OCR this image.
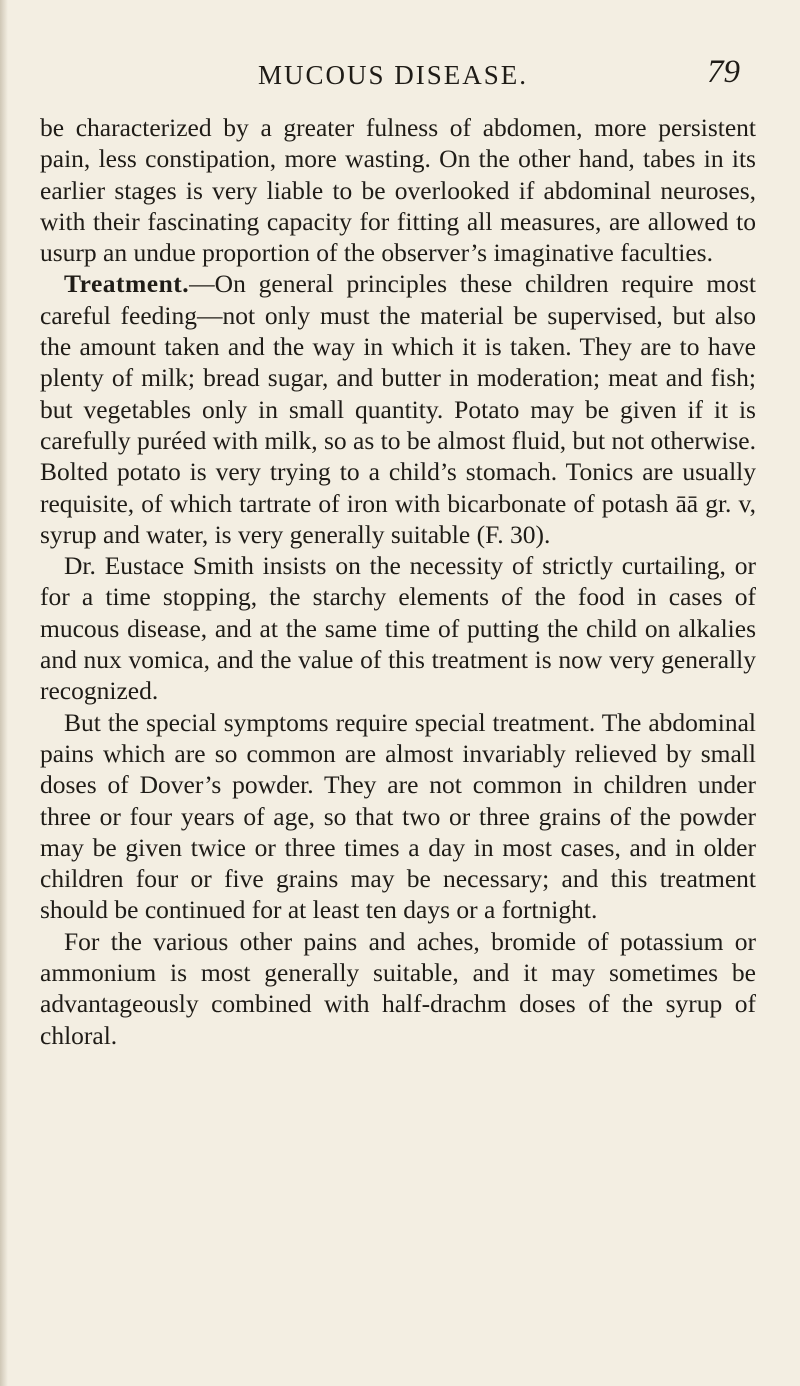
MUCOUS DISEASE.	79

be characterized by a greater fulness of abdomen, more persistent pain, less constipation, more wasting. On the other hand, tabes in its earlier stages is very liable to be overlooked if abdominal neuroses, with their fascinating capacity for fitting all measures, are allowed to usurp an undue proportion of the observer’s imaginative faculties.

Treatment.—On general principles these children require most careful feeding—not only must the material be supervised, but also the amount taken and the way in which it is taken. They are to have plenty of milk; bread sugar, and butter in moderation; meat and fish; but vegetables only in small quantity. Potato may be given if it is carefully puréed with milk, so as to be almost fluid, but not otherwise. Bolted potato is very trying to a child’s stomach. Tonics are usually requisite, of which tartrate of iron with bicarbonate of potash āā gr. v, syrup and water, is very generally suitable (F. 30).

Dr. Eustace Smith insists on the necessity of strictly curtailing, or for a time stopping, the starchy elements of the food in cases of mucous disease, and at the same time of putting the child on alkalies and nux vomica, and the value of this treatment is now very generally recognized.

But the special symptoms require special treatment. The abdominal pains which are so common are almost invariably relieved by small doses of Dover’s powder. They are not common in children under three or four years of age, so that two or three grains of the powder may be given twice or three times a day in most cases, and in older children four or five grains may be necessary; and this treatment should be continued for at least ten days or a fortnight.

For the various other pains and aches, bromide of potassium or ammonium is most generally suitable, and it may sometimes be advantageously combined with half-drachm doses of the syrup of chloral.
